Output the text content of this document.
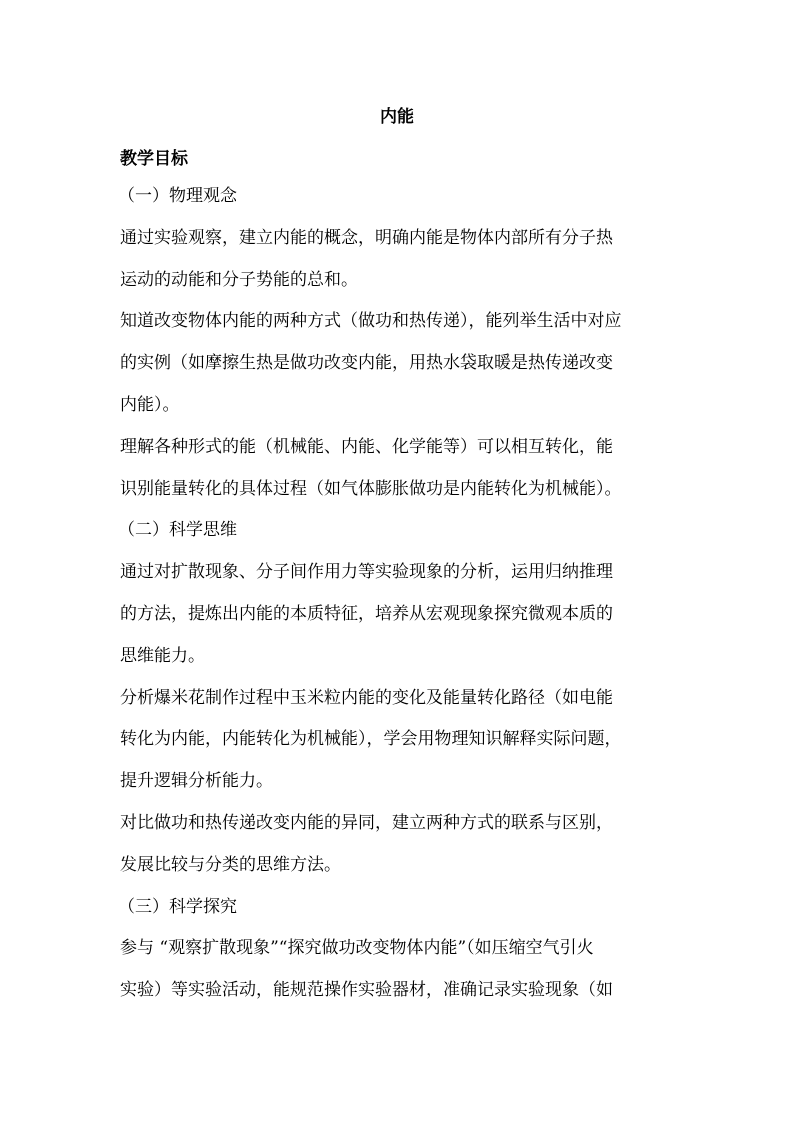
内能
教学目标
（一）物理观念
通过实验观察，建立内能的概念，明确内能是物体内部所有分子热
运动的动能和分子势能的总和。
知道改变物体内能的两种方式（做功和热传递），能列举生活中对应
的实例（如摩擦生热是做功改变内能，用热水袋取暖是热传递改变
内能）。
理解各种形式的能（机械能、内能、化学能等）可以相互转化，能
识别能量转化的具体过程（如气体膨胀做功是内能转化为机械能）。
（二）科学思维
通过对扩散现象、分子间作用力等实验现象的分析，运用归纳推理
的方法，提炼出内能的本质特征，培养从宏观现象探究微观本质的
思维能力。
分析爆米花制作过程中玉米粒内能的变化及能量转化路径（如电能
转化为内能，内能转化为机械能），学会用物理知识解释实际问题，
提升逻辑分析能力。
对比做功和热传递改变内能的异同，建立两种方式的联系与区别，
发展比较与分类的思维方法。
（三）科学探究
参与 “观察扩散现象”“探究做功改变物体内能”（如压缩空气引火
实验）等实验活动，能规范操作实验器材，准确记录实验现象（如
